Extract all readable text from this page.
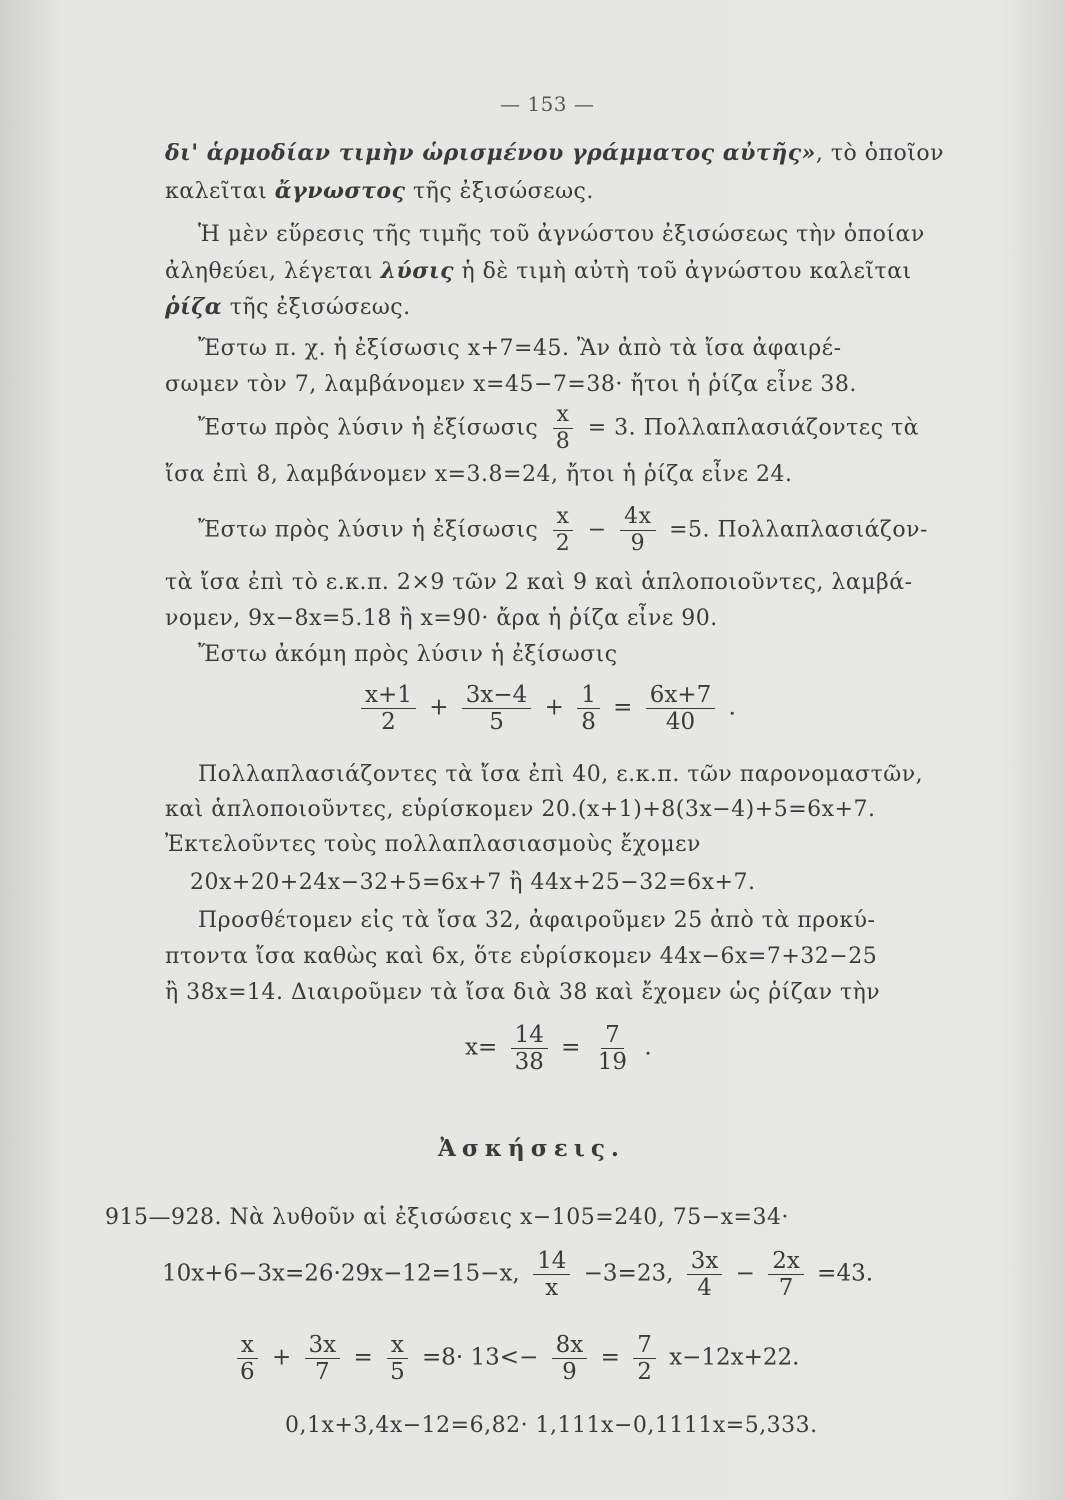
— 153 —
δι' ἁρμοδίαν τιμὴν ὡρισμένου γράμματος αὐτῆς», τὸ ὁποῖον
καλεῖται ἄγνωστος τῆς ἐξισώσεως.
Ἡ μὲν εὕρεσις τῆς τιμῆς τοῦ ἀγνώστου ἐξισώσεως τὴν ὁποίαν
ἀληθεύει, λέγεται λύσις ἡ δὲ τιμὴ αὐτὴ τοῦ ἀγνώστου καλεῖται
ῥίζα τῆς ἐξισώσεως.
Ἔστω π. χ. ἡ ἐξίσωσις x+7=45. Ἂν ἀπὸ τὰ ἴσα ἀφαιρέ-
σωμεν τὸν 7, λαμβάνομεν x=45−7=38· ἤτοι ἡ ῥίζα εἶνε 38.
Ἔστω πρὸς λύσιν ἡ ἐξίσωσις $\frac{x}{8} = 3$. Πολλαπλασιάζοντες τὰ
ἴσα ἐπὶ 8, λαμβάνομεν x=3.8=24, ἤτοι ἡ ῥίζα εἶνε 24.
Ἔστω πρὸς λύσιν ἡ ἐξίσωσις $\frac{x}{2} - \frac{4x}{9} =5$. Πολλαπλασιάζον-
τὰ ἴσα ἐπὶ τὸ ε.κ.π. 2×9 τῶν 2 καὶ 9 καὶ ἁπλοποιοῦντες, λαμβά-
νομεν, 9x−8x=5.18 ἢ x=90· ἄρα ἡ ῥίζα εἶνε 90.
Ἔστω ἀκόμη πρὸς λύσιν ἡ ἐξίσωσις
$\frac{x+1}{2} + \frac{3x-4}{5} + \frac{1}{8} = \frac{6x+7}{40}$ .
Πολλαπλασιάζοντες τὰ ἴσα ἐπὶ 40, ε.κ.π. τῶν παρονομαστῶν,
καὶ ἁπλοποιοῦντες, εὑρίσκομεν 20.(x+1)+8(3x−4)+5=6x+7.
Ἐκτελοῦντες τοὺς πολλαπλασιασμοὺς ἔχομεν
20x+20+24x−32+5=6x+7 ἢ 44x+25−32=6x+7.
Προσθέτομεν εἰς τὰ ἴσα 32, ἀφαιροῦμεν 25 ἀπὸ τὰ προκύ-
πτοντα ἴσα καθὼς καὶ 6x, ὅτε εὑρίσκομεν 44x−6x=7+32−25
ἢ 38x=14. Διαιροῦμεν τὰ ἴσα διὰ 38 καὶ ἔχομεν ὡς ῥίζαν τὴν
$x= \frac{14}{38} = \frac{7}{19}$ .
Ἀσκήσεις.
915—928. Νὰ λυθοῦν αἱ ἐξισώσεις x−105=240, 75−x=34·
10x+6−3x=26·29x−12=15−x, $\frac{14}{x} -3=23$, $\frac{3x}{4} - \frac{2x}{7} =43$.
$\frac{x}{6} + \frac{3x}{7} = \frac{x}{5} =8\cdot 13<- \frac{8x}{9} = \frac{7}{2} x-12x+22$.
0,1x+3,4x−12=6,82· 1,111x−0,1111x=5,333.
